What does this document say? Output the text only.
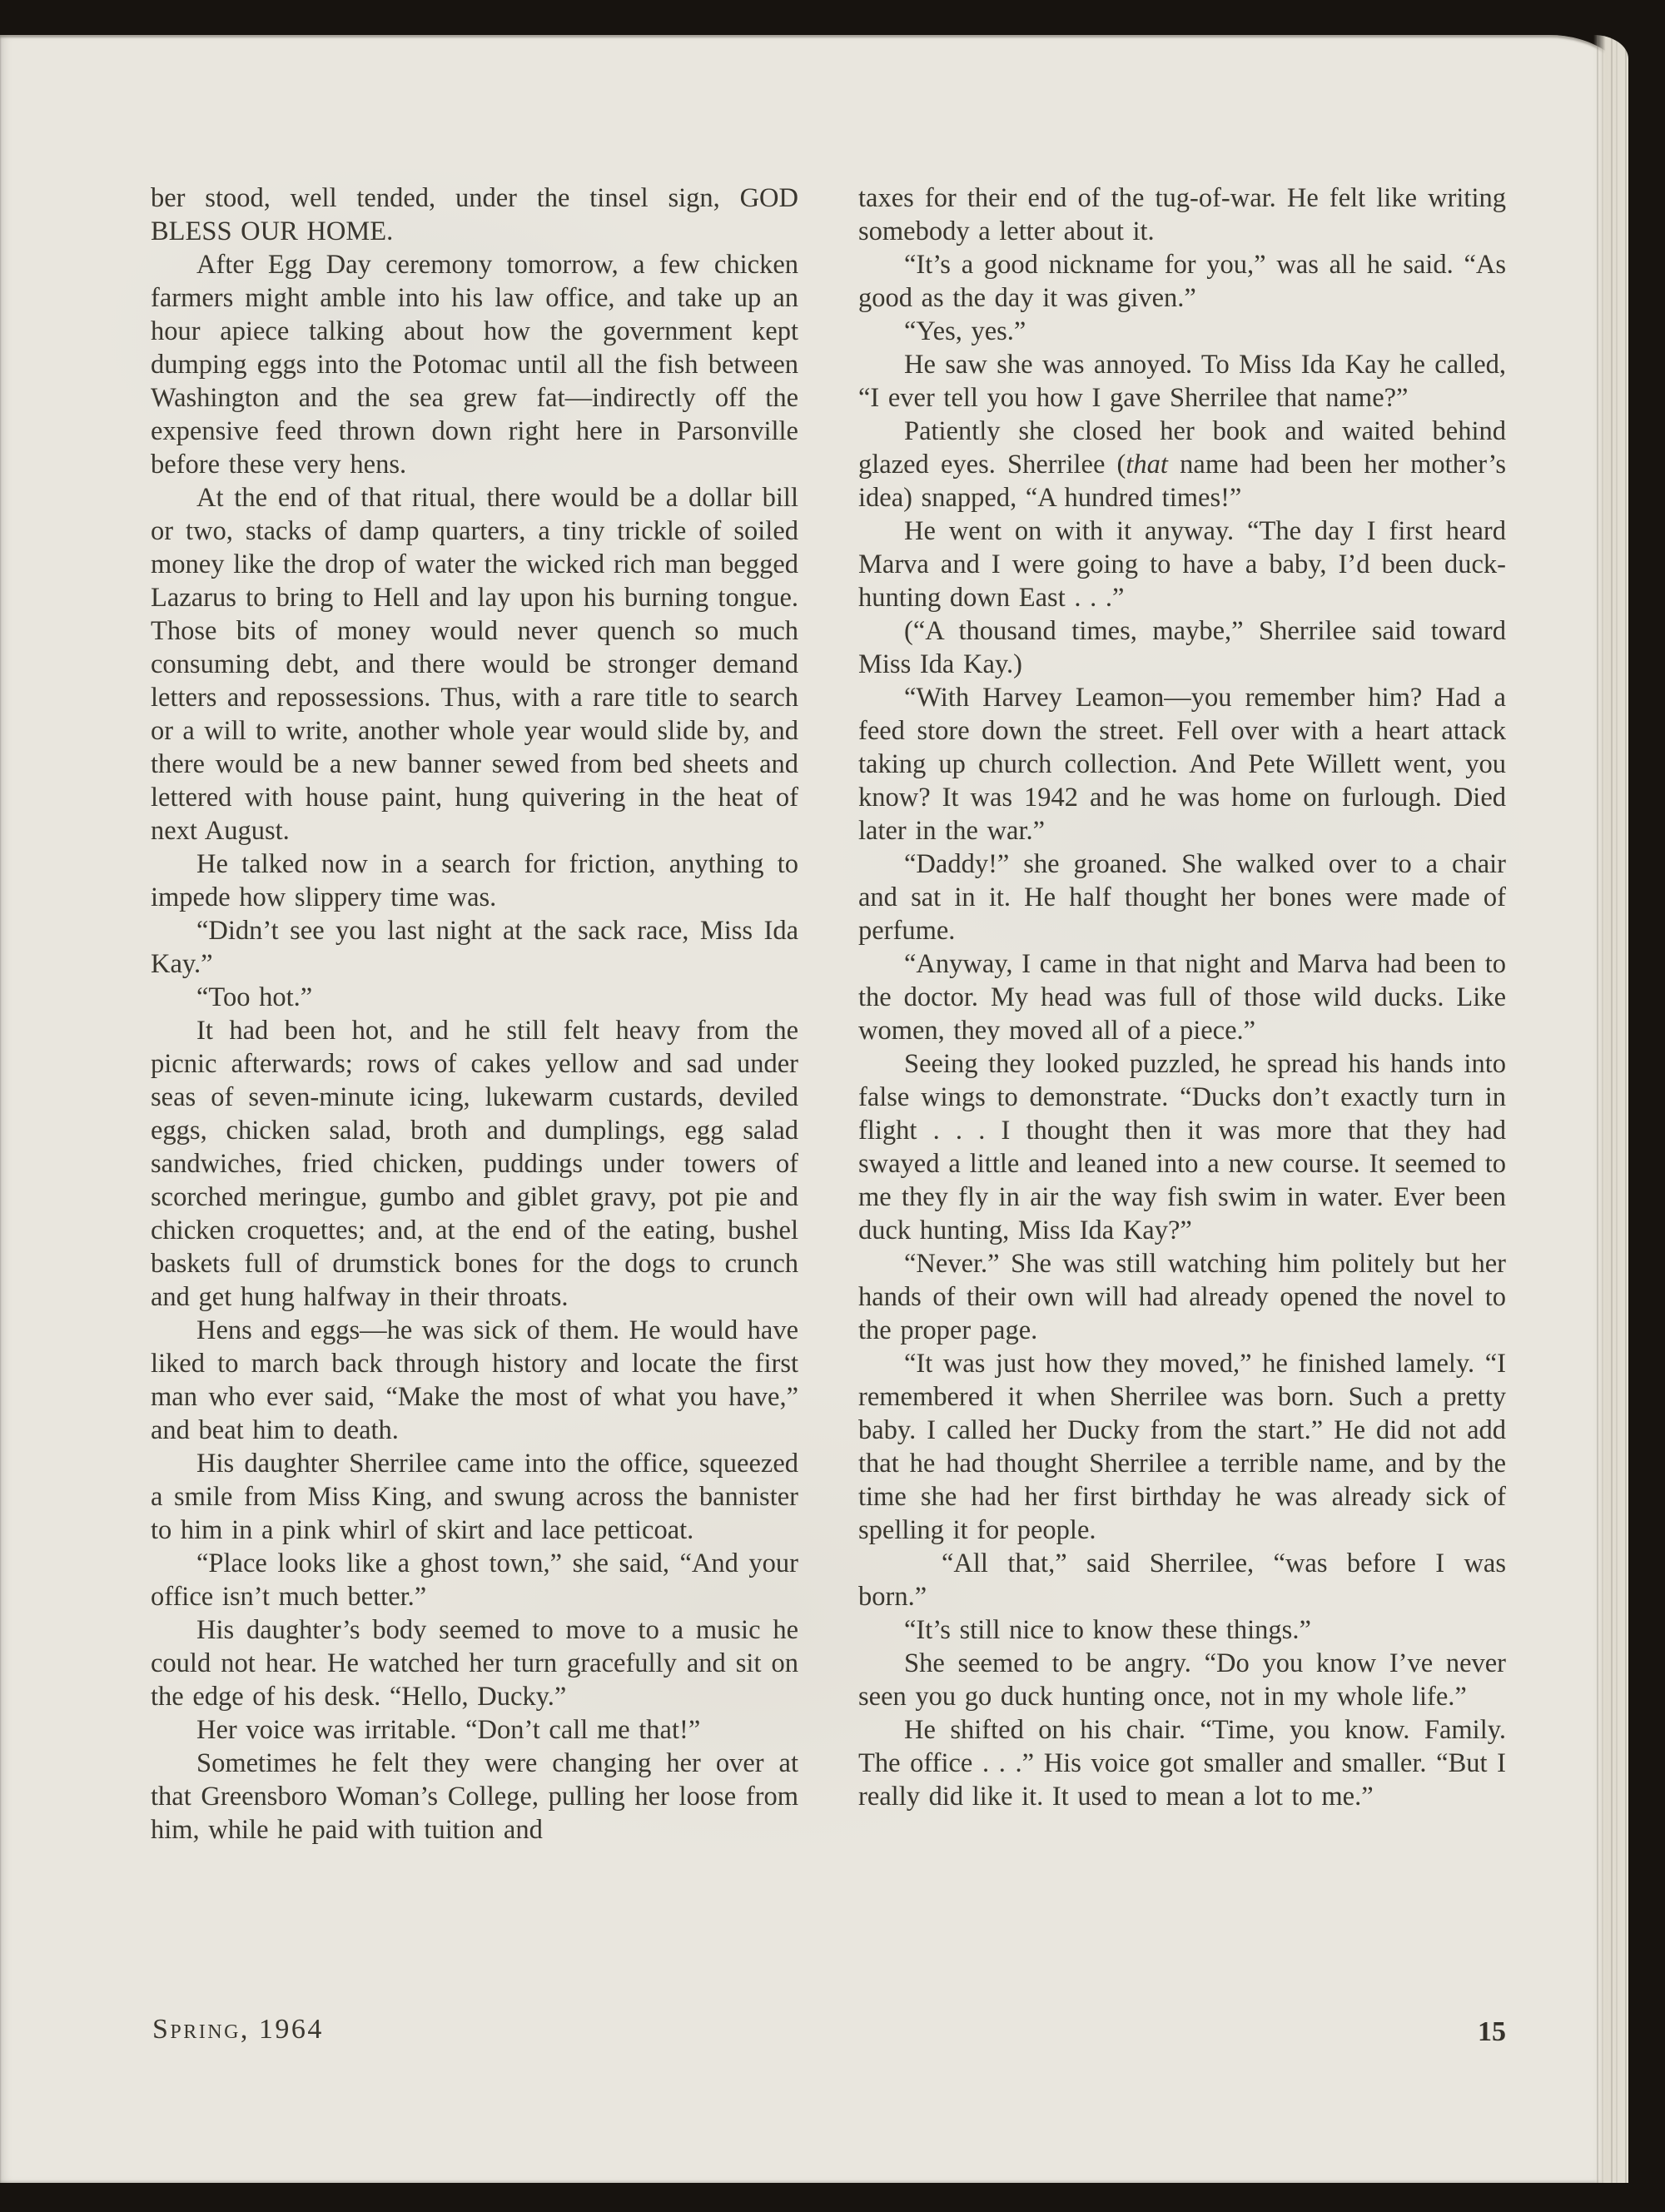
ber stood, well tended, under the tinsel sign, GOD BLESS OUR HOME.

After Egg Day ceremony tomorrow, a few chicken farmers might amble into his law office, and take up an hour apiece talking about how the government kept dumping eggs into the Potomac until all the fish between Washington and the sea grew fat—indirectly off the expensive feed thrown down right here in Parsonville before these very hens.

At the end of that ritual, there would be a dollar bill or two, stacks of damp quarters, a tiny trickle of soiled money like the drop of water the wicked rich man begged Lazarus to bring to Hell and lay upon his burning tongue. Those bits of money would never quench so much consuming debt, and there would be stronger demand letters and repossessions. Thus, with a rare title to search or a will to write, another whole year would slide by, and there would be a new banner sewed from bed sheets and lettered with house paint, hung quivering in the heat of next August.

He talked now in a search for friction, anything to impede how slippery time was.

“Didn’t see you last night at the sack race, Miss Ida Kay.”

“Too hot.”

It had been hot, and he still felt heavy from the picnic afterwards; rows of cakes yellow and sad under seas of seven-minute icing, lukewarm custards, deviled eggs, chicken salad, broth and dumplings, egg salad sandwiches, fried chicken, puddings under towers of scorched meringue, gumbo and giblet gravy, pot pie and chicken croquettes; and, at the end of the eating, bushel baskets full of drumstick bones for the dogs to crunch and get hung halfway in their throats.

Hens and eggs—he was sick of them. He would have liked to march back through history and locate the first man who ever said, “Make the most of what you have,” and beat him to death.

His daughter Sherrilee came into the office, squeezed a smile from Miss King, and swung across the bannister to him in a pink whirl of skirt and lace petticoat.

“Place looks like a ghost town,” she said, “And your office isn’t much better.”

His daughter’s body seemed to move to a music he could not hear. He watched her turn gracefully and sit on the edge of his desk. “Hello, Ducky.”

Her voice was irritable. “Don’t call me that!”

Sometimes he felt they were changing her over at that Greensboro Woman’s College, pulling her loose from him, while he paid with tuition and

taxes for their end of the tug-of-war. He felt like writing somebody a letter about it.

“It’s a good nickname for you,” was all he said. “As good as the day it was given.”

“Yes, yes.”

He saw she was annoyed. To Miss Ida Kay he called, “I ever tell you how I gave Sherrilee that name?”

Patiently she closed her book and waited behind glazed eyes. Sherrilee (that name had been her mother’s idea) snapped, “A hundred times!”

He went on with it anyway. “The day I first heard Marva and I were going to have a baby, I’d been duck-hunting down East . . .”

(“A thousand times, maybe,” Sherrilee said toward Miss Ida Kay.)

“With Harvey Leamon—you remember him? Had a feed store down the street. Fell over with a heart attack taking up church collection. And Pete Willett went, you know? It was 1942 and he was home on furlough. Died later in the war.”

“Daddy!” she groaned. She walked over to a chair and sat in it. He half thought her bones were made of perfume.

“Anyway, I came in that night and Marva had been to the doctor. My head was full of those wild ducks. Like women, they moved all of a piece.”

Seeing they looked puzzled, he spread his hands into false wings to demonstrate. “Ducks don’t exactly turn in flight . . . I thought then it was more that they had swayed a little and leaned into a new course. It seemed to me they fly in air the way fish swim in water. Ever been duck hunting, Miss Ida Kay?”

“Never.” She was still watching him politely but her hands of their own will had already opened the novel to the proper page.

“It was just how they moved,” he finished lamely. “I remembered it when Sherrilee was born. Such a pretty baby. I called her Ducky from the start.” He did not add that he had thought Sherrilee a terrible name, and by the time she had her first birthday he was already sick of spelling it for people.

“All that,” said Sherrilee, “was before I was born.”

“It’s still nice to know these things.”

She seemed to be angry. “Do you know I’ve never seen you go duck hunting once, not in my whole life.”

He shifted on his chair. “Time, you know. Family. The office . . .” His voice got smaller and smaller. “But I really did like it. It used to mean a lot to me.”

Spring, 1964	15
